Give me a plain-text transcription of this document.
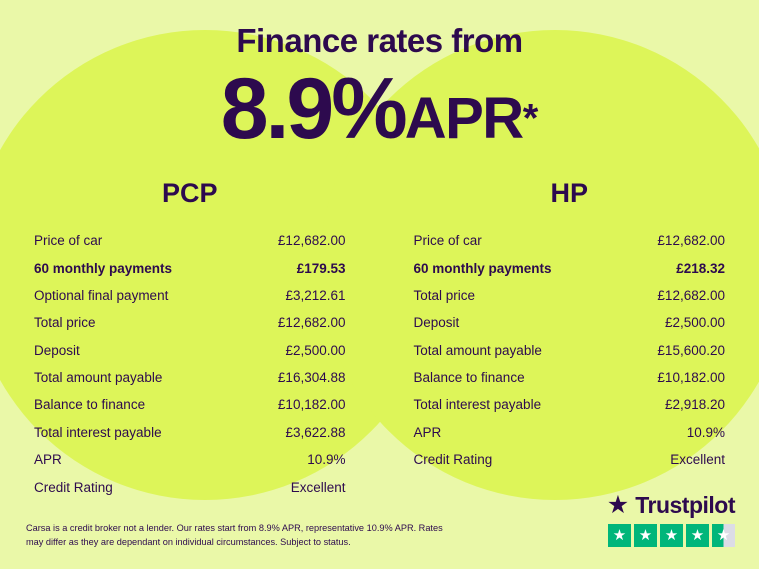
Finance rates from
8.9%APR*
PCP
Price of car	£12,682.00
60 monthly payments	£179.53
Optional final payment	£3,212.61
Total price	£12,682.00
Deposit	£2,500.00
Total amount payable	£16,304.88
Balance to finance	£10,182.00
Total interest payable	£3,622.88
APR	10.9%
Credit Rating	Excellent
HP
Price of car	£12,682.00
60 monthly payments	£218.32
Total price	£12,682.00
Deposit	£2,500.00
Total amount payable	£15,600.20
Balance to finance	£10,182.00
Total interest payable	£2,918.20
APR	10.9%
Credit Rating	Excellent
Carsa is a credit broker not a lender. Our rates start from 8.9% APR, representative 10.9% APR. Rates may differ as they are dependant on individual circumstances. Subject to status.
★ Trustpilot
★ ★ ★ ★ ★
